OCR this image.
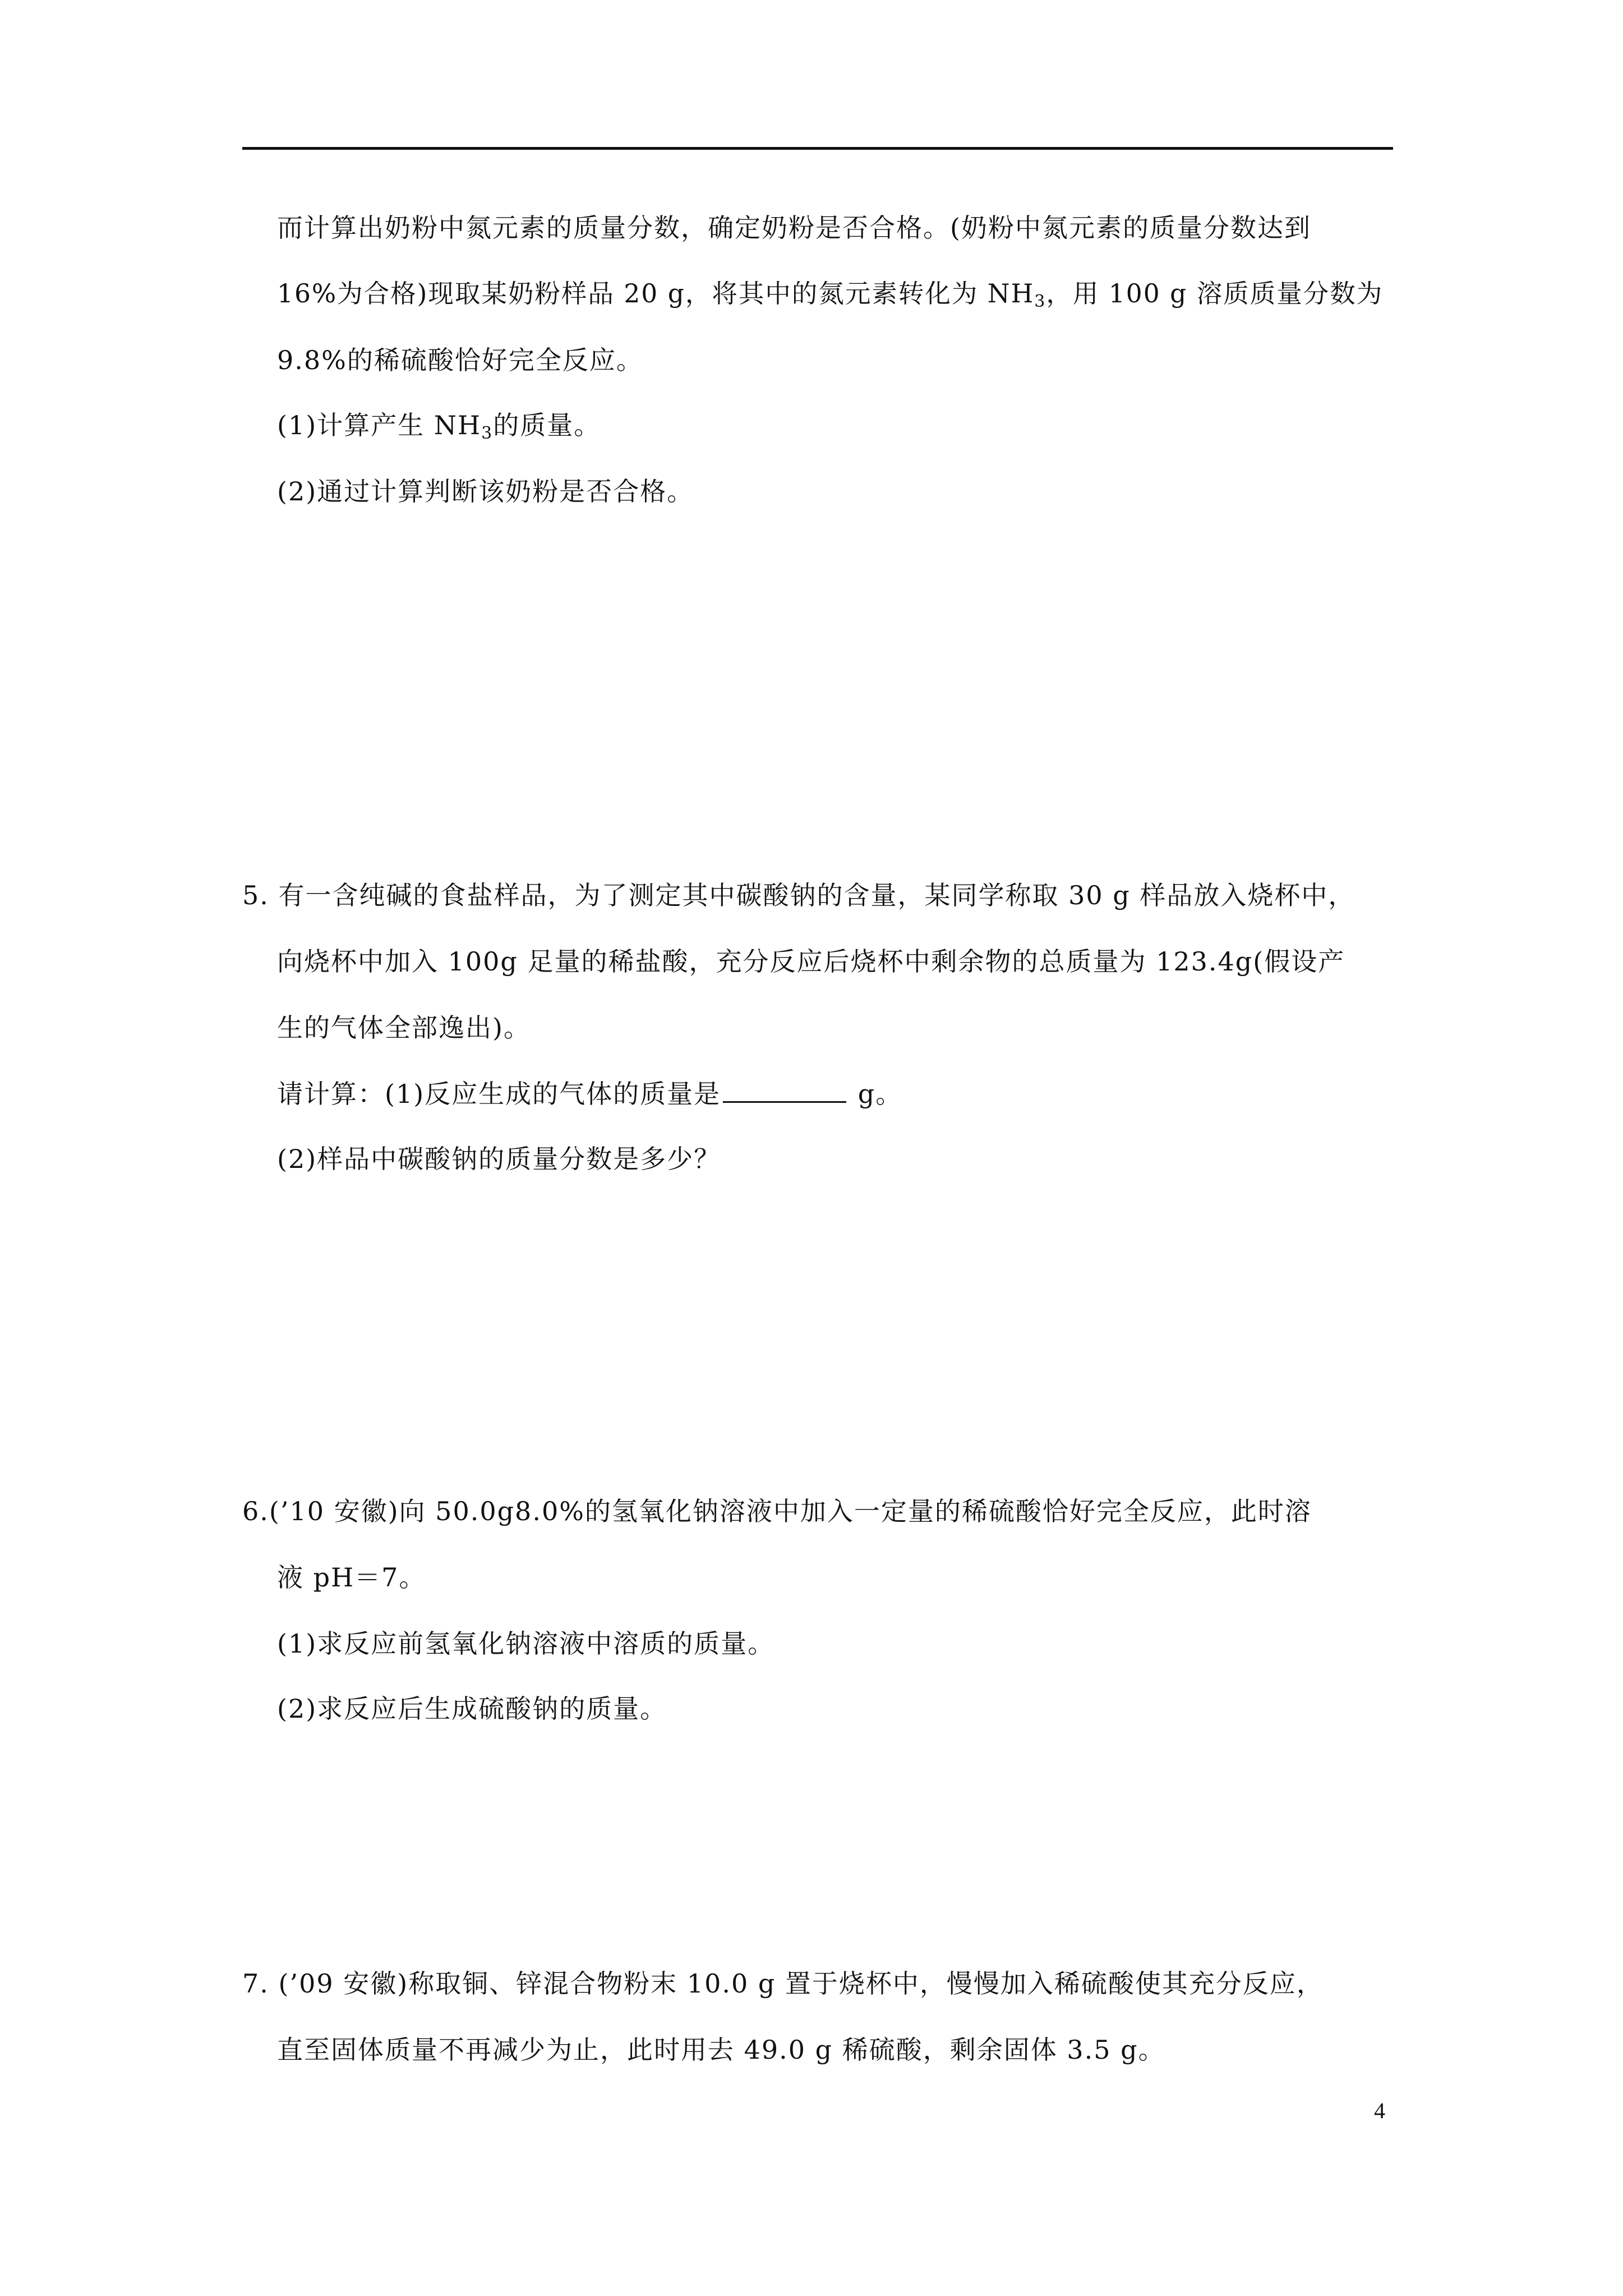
而计算出奶粉中氮元素的质量分数，确定奶粉是否合格。(奶粉中氮元素的质量分数达到
16%为合格)现取某奶粉样品 20 g，将其中的氮元素转化为 $NH_3$，用 100 g 溶质质量分数为
9.8%的稀硫酸恰好完全反应。
(1)计算产生 $NH_3$的质量。
(2)通过计算判断该奶粉是否合格。
5. 有一含纯碱的食盐样品，为了测定其中碳酸钠的含量，某同学称取 30 g 样品放入烧杯中，
向烧杯中加入 100g 足量的稀盐酸，充分反应后烧杯中剩余物的总质量为 123.4g(假设产
生的气体全部逸出)。
请计算：(1)反应生成的气体的质量是	g。
(2)样品中碳酸钠的质量分数是多少？
6.(’10 安徽)向 50.0g8.0%的氢氧化钠溶液中加入一定量的稀硫酸恰好完全反应，此时溶
液 pH＝7。
(1)求反应前氢氧化钠溶液中溶质的质量。
(2)求反应后生成硫酸钠的质量。
7. (’09 安徽)称取铜、锌混合物粉末 10.0 g 置于烧杯中，慢慢加入稀硫酸使其充分反应，
直至固体质量不再减少为止，此时用去 49.0 g 稀硫酸，剩余固体 3.5 g。
4
